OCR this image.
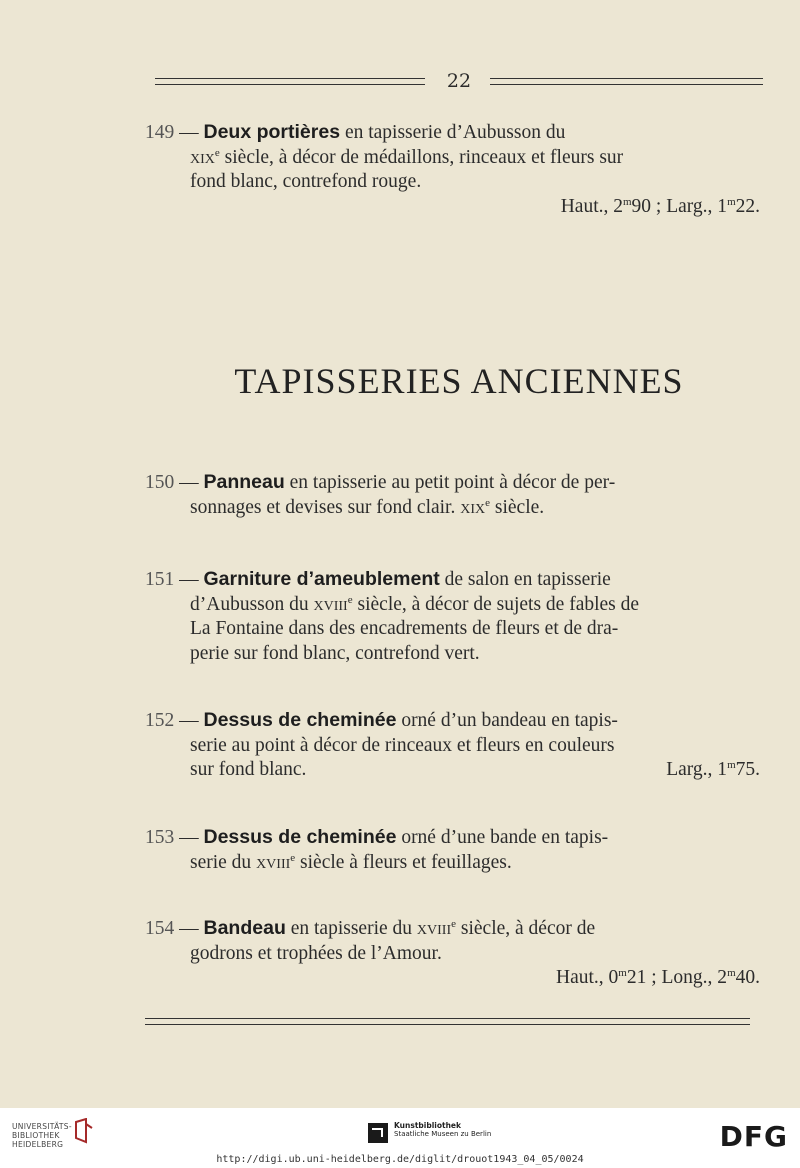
22
149 — Deux portières en tapisserie d’Aubusson du
xix$^e$ siècle, à décor de médaillons, rinceaux et fleurs sur
fond blanc, contrefond rouge.
Haut., 2$^m$90 ; Larg., 1$^m$22.
TAPISSERIES ANCIENNES
150 — Panneau en tapisserie au petit point à décor de per-
sonnages et devises sur fond clair. xix$^e$ siècle.
151 — Garniture d’ameublement de salon en tapisserie
d’Aubusson du xviii$^e$ siècle, à décor de sujets de fables de
La Fontaine dans des encadrements de fleurs et de dra-
perie sur fond blanc, contrefond vert.
152 — Dessus de cheminée orné d’un bandeau en tapis-
serie au point à décor de rinceaux et fleurs en couleurs
sur fond blanc.	Larg., 1$^m$75.
153 — Dessus de cheminée orné d’une bande en tapis-
serie du xviii$^e$ siècle à fleurs et feuillages.
154 — Bandeau en tapisserie du xviii$^e$ siècle, à décor de
godrons et trophées de l’Amour.
Haut., 0$^m$21 ; Long., 2$^m$40.
UNIVERSITÄTS-
BIBLIOTHEK
HEIDELBERG
Kunstbibliothek
Staatliche Museen zu Berlin	DFG
http://digi.ub.uni-heidelberg.de/diglit/drouot1943_04_05/0024
